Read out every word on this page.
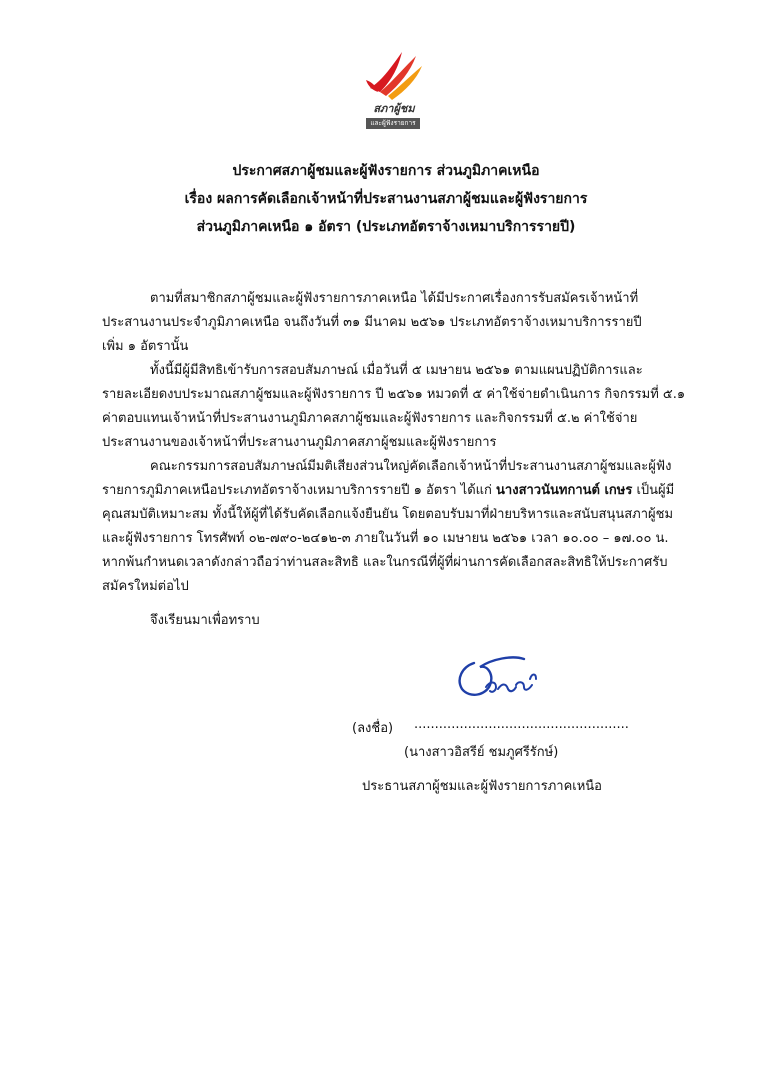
สภาผู้ชม
และผู้ฟังรายการ
ประกาศสภาผู้ชมและผู้ฟังรายการ ส่วนภูมิภาคเหนือ
เรื่อง ผลการคัดเลือกเจ้าหน้าที่ประสานงานสภาผู้ชมและผู้ฟังรายการ
ส่วนภูมิภาคเหนือ ๑ อัตรา (ประเภทอัตราจ้างเหมาบริการรายปี)
ตามที่สมาชิกสภาผู้ชมและผู้ฟังรายการภาคเหนือ ได้มีประกาศเรื่องการรับสมัครเจ้าหน้าที่
ประสานงานประจำภูมิภาคเหนือ จนถึงวันที่ ๓๑ มีนาคม ๒๕๖๑ ประเภทอัตราจ้างเหมาบริการรายปี
เพิ่ม ๑ อัตรานั้น
ทั้งนี้มีผู้มีสิทธิเข้ารับการสอบสัมภาษณ์ เมื่อวันที่ ๕ เมษายน ๒๕๖๑ ตามแผนปฏิบัติการและ
รายละเอียดงบประมาณสภาผู้ชมและผู้ฟังรายการ ปี ๒๕๖๑ หมวดที่ ๕ ค่าใช้จ่ายดำเนินการ กิจกรรมที่ ๕.๑
ค่าตอบแทนเจ้าหน้าที่ประสานงานภูมิภาคสภาผู้ชมและผู้ฟังรายการ และกิจกรรมที่ ๕.๒ ค่าใช้จ่าย
ประสานงานของเจ้าหน้าที่ประสานงานภูมิภาคสภาผู้ชมและผู้ฟังรายการ
คณะกรรมการสอบสัมภาษณ์มีมติเสียงส่วนใหญ่คัดเลือกเจ้าหน้าที่ประสานงานสภาผู้ชมและผู้ฟัง
รายการภูมิภาคเหนือประเภทอัตราจ้างเหมาบริการรายปี ๑ อัตรา ได้แก่ นางสาวนันทกานต์ เกษร เป็นผู้มี
คุณสมบัติเหมาะสม ทั้งนี้ให้ผู้ที่ได้รับคัดเลือกแจ้งยืนยัน โดยตอบรับมาที่ฝ่ายบริหารและสนับสนุนสภาผู้ชม
และผู้ฟังรายการ โทรศัพท์ ๐๒-๗๙๐-๒๔๑๒-๓ ภายในวันที่ ๑๐ เมษายน ๒๕๖๑ เวลา ๑๐.๐๐ – ๑๗.๐๐ น.
หากพ้นกำหนดเวลาดังกล่าวถือว่าท่านสละสิทธิ และในกรณีที่ผู้ที่ผ่านการคัดเลือกสละสิทธิให้ประกาศรับ
สมัครใหม่ต่อไป
จึงเรียนมาเพื่อทราบ
(ลงชื่อ) ....................................................
(นางสาวอิสรีย์ ชมภูศรีรักษ์)
ประธานสภาผู้ชมและผู้ฟังรายการภาคเหนือ
